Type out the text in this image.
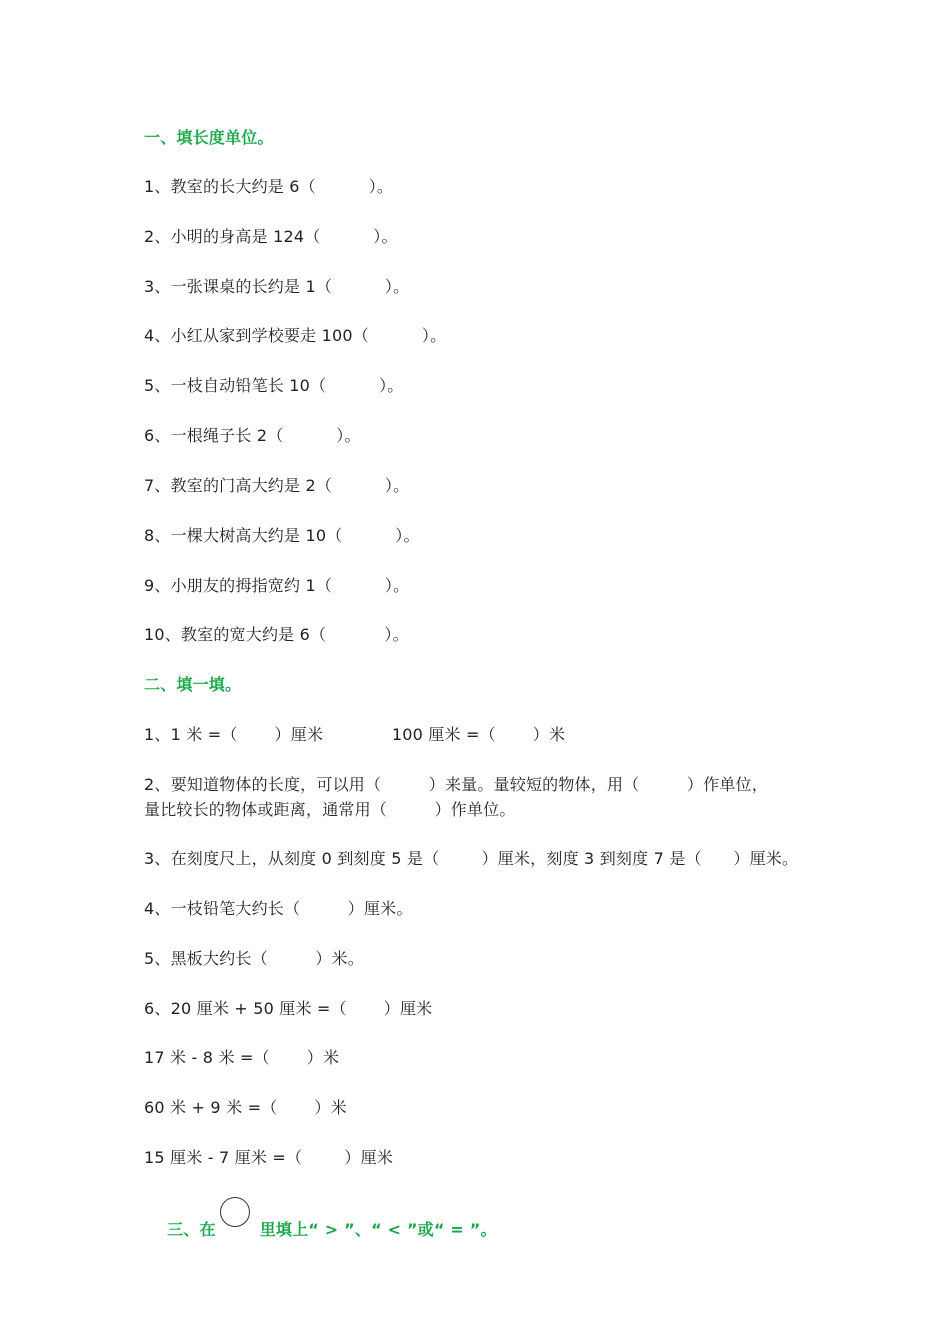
一、填长度单位。
1、教室的长大约是 6（          ）。
2、小明的身高是 124（          ）。
3、一张课桌的长约是 1（          ）。
4、小红从家到学校要走 100（          ）。
5、一枝自动铅笔长 10（          ）。
6、一根绳子长 2（          ）。
7、教室的门高大约是 2（          ）。
8、一棵大树高大约是 10（          ）。
9、小朋友的拇指宽约 1（          ）。
10、教室的宽大约是 6（           ）。
二、填一填。
1、1 米 =（       ）厘米             100 厘米 =（       ）米
2、要知道物体的长度，可以用（         ）来量。量较短的物体，用（         ）作单位，
量比较长的物体或距离，通常用（         ）作单位。
3、在刻度尺上，从刻度 0 到刻度 5 是（        ）厘米，刻度 3 到刻度 7 是（      ）厘米。
4、一枝铅笔大约长（         ）厘米。
5、黑板大约长（         ）米。
6、20 厘米 + 50 厘米 =（       ）厘米
17 米 - 8 米 =（       ）米
60 米 + 9 米 =（       ）米
15 厘米 - 7 厘米 =（        ）厘米

三、在	里填上“ > ”、“ < ”或“ = ”。
